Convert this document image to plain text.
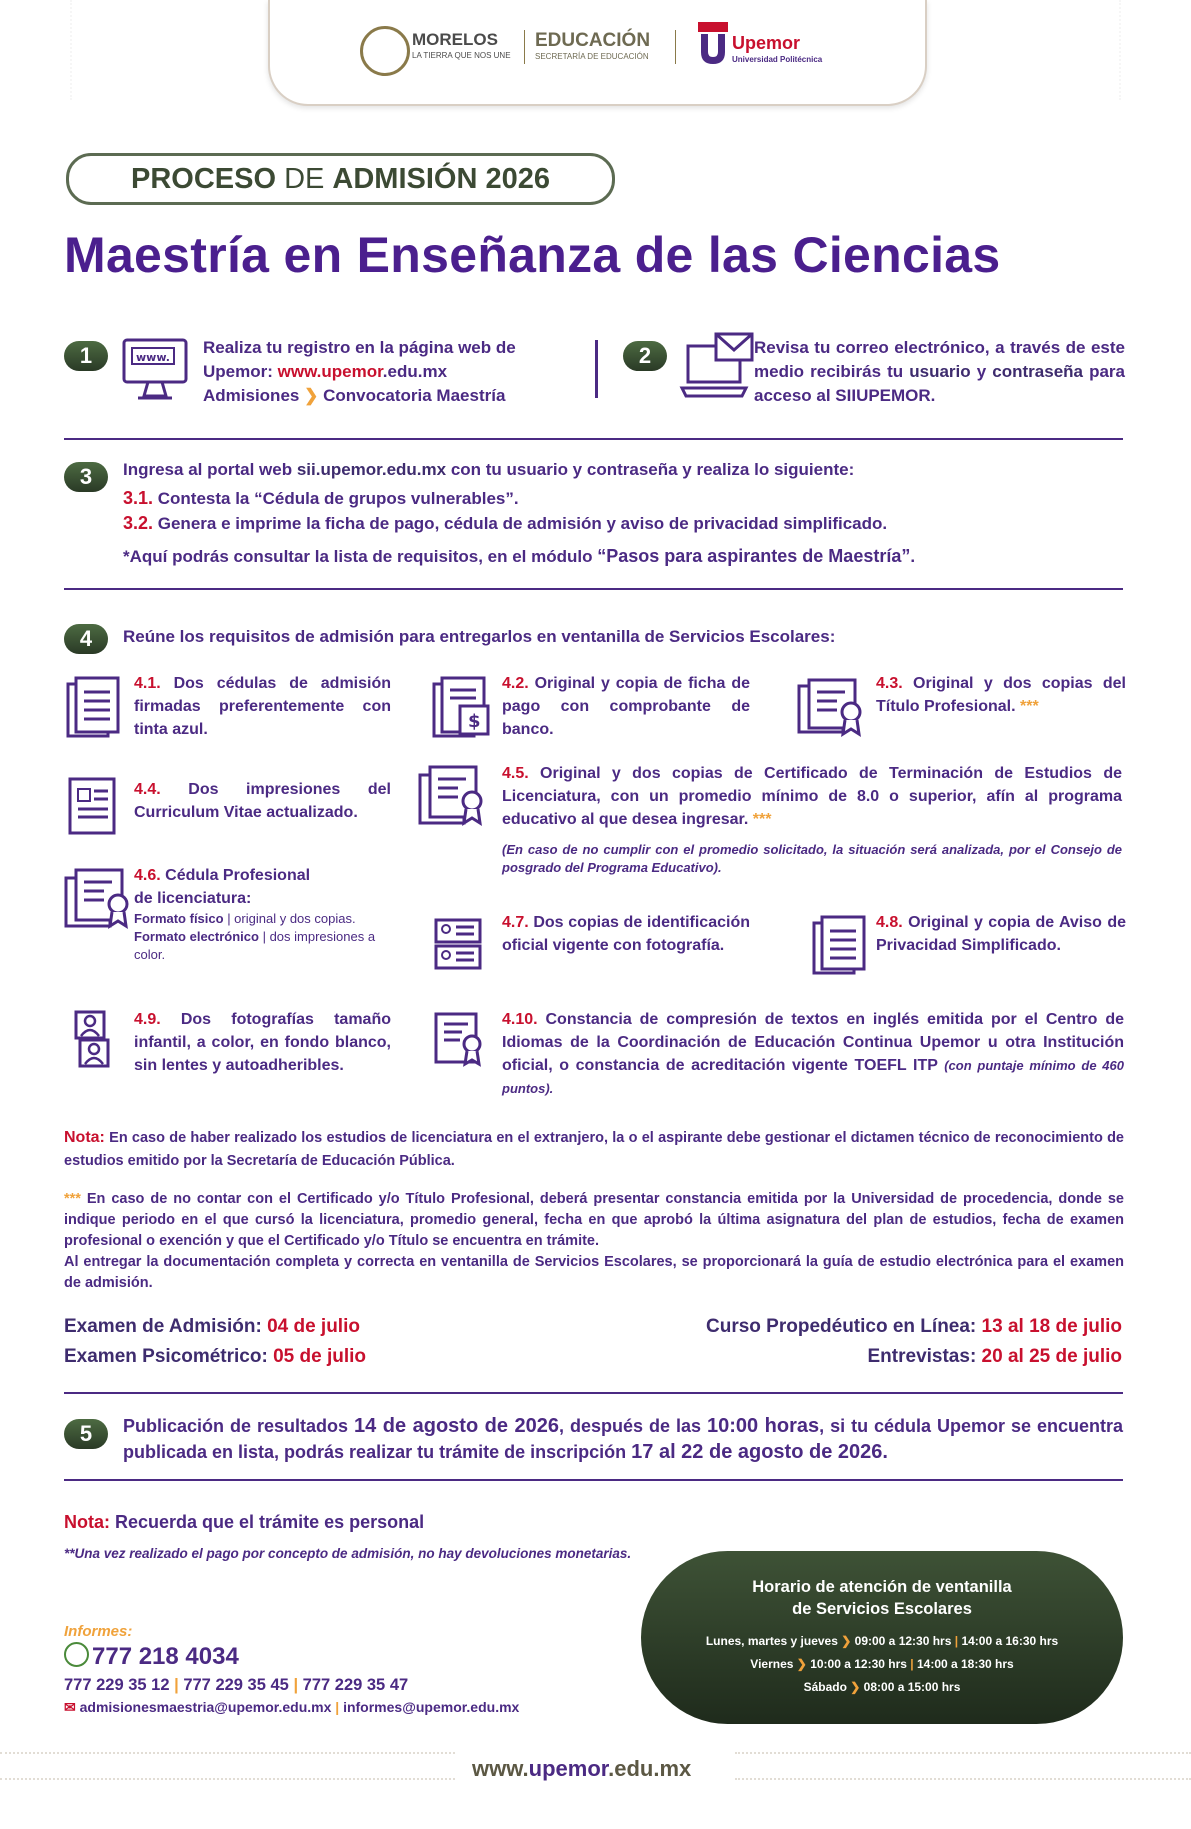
MORELOS
LA TIERRA QUE NOS UNE
EDUCACIÓN
SECRETARÍA DE EDUCACIÓN
Upemor
Universidad Politécnica
PROCESO DE ADMISIÓN 2026
Maestría en Enseñanza de las Ciencias
1	www.
Realiza tu registro en la página web de
Upemor: www.upemor.edu.mx
Admisiones ❯ Convocatoria Maestría
2	Revisa tu correo electrónico, a través de este medio recibirás tu usuario y contraseña para acceso al SIIUPEMOR.
3	Ingresa al portal web sii.upemor.edu.mx con tu usuario y contraseña y realiza lo siguiente:
3.1. Contesta la “Cédula de grupos vulnerables”.
3.2. Genera e imprime la ficha de pago, cédula de admisión y aviso de privacidad simplificado.
*Aquí podrás consultar la lista de requisitos, en el módulo “Pasos para aspirantes de Maestría”.
4	Reúne los requisitos de admisión para entregarlos en ventanilla de Servicios Escolares:
4.1. Dos cédulas de admisión firmadas preferentemente con tinta azul.	$
4.2. Original y copia de ficha de pago con comprobante de banco.
4.3. Original y dos copias del Título Profesional. ***
4.4. Dos impresiones del Curriculum Vitae actualizado.
4.5. Original y dos copias de Certificado de Terminación de Estudios de Licenciatura, con un promedio mínimo de 8.0 o superior, afín al programa educativo al que desea ingresar. ***
(En caso de no cumplir con el promedio solicitado, la situación será analizada, por el Consejo de posgrado del Programa Educativo).
4.6. Cédula Profesional
de licenciatura:
Formato físico | original y dos copias.
Formato electrónico | dos impresiones a color.
4.7. Dos copias de identificación oficial vigente con fotografía.
4.8. Original y copia de Aviso de Privacidad Simplificado.
4.9. Dos fotografías tamaño infantil, a color, en fondo blanco, sin lentes y autoadheribles.
4.10. Constancia de compresión de textos en inglés emitida por el Centro de Idiomas de la Coordinación de Educación Continua Upemor u otra Institución oficial, o constancia de acreditación vigente TOEFL ITP (con puntaje mínimo de 460 puntos).
Nota: En caso de haber realizado los estudios de licenciatura en el extranjero, la o el aspirante debe gestionar el dictamen técnico de reconocimiento de estudios emitido por la Secretaría de Educación Pública.
*** En caso de no contar con el Certificado y/o Título Profesional, deberá presentar constancia emitida por la Universidad de procedencia, donde se indique periodo en el que cursó la licenciatura, promedio general, fecha en que aprobó la última asignatura del plan de estudios, fecha de examen profesional o exención y que el Certificado y/o Título se encuentra en trámite.
Al entregar la documentación completa y correcta en ventanilla de Servicios Escolares, se proporcionará la guía de estudio electrónica para el examen de admisión.
Examen de Admisión: 04 de julio
Examen Psicométrico: 05 de julio
Curso Propedéutico en Línea: 13 al 18 de julio
Entrevistas: 20 al 25 de julio
5	Publicación de resultados 14 de agosto de 2026, después de las 10:00 horas, si tu cédula Upemor se encuentra publicada en lista, podrás realizar tu trámite de inscripción 17 al 22 de agosto de 2026.
Nota: Recuerda que el trámite es personal
**Una vez realizado el pago por concepto de admisión, no hay devoluciones monetarias.
Informes:
777 218 4034
777 229 35 12 | 777 229 35 45 | 777 229 35 47
✉ admisionesmaestria@upemor.edu.mx | informes@upemor.edu.mx
Horario de atención de ventanilla
de Servicios Escolares
Lunes, martes y jueves ❯ 09:00 a 12:30 hrs | 14:00 a 16:30 hrs
Viernes ❯ 10:00 a 12:30 hrs | 14:00 a 18:30 hrs
Sábado ❯ 08:00 a 15:00 hrs
www.upemor.edu.mx
